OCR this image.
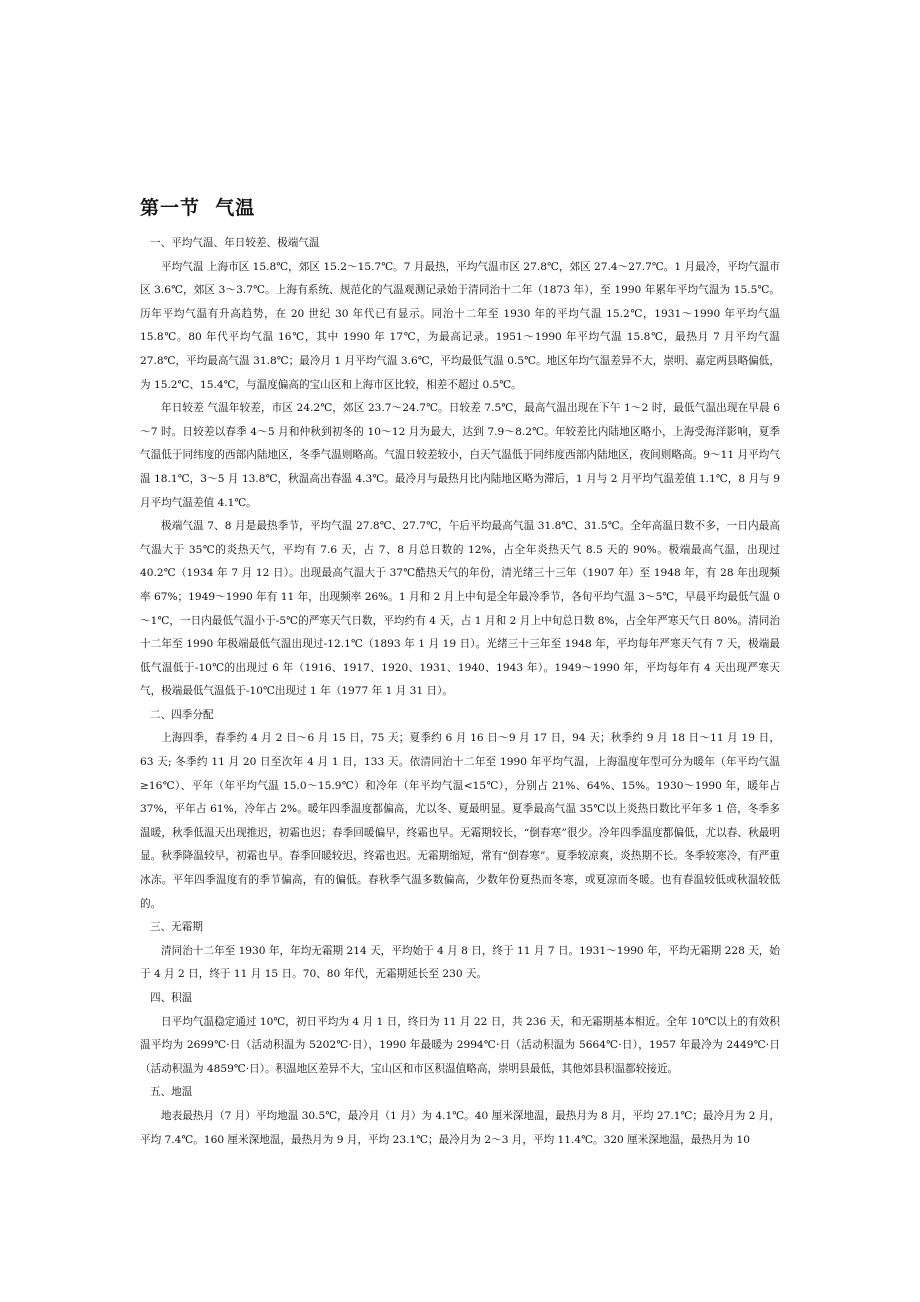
第一节  气温

一、平均气温、年日较差、极端气温

平均气温 上海市区 15.8℃，郊区 15.2～15.7℃。7 月最热，平均气温市区 27.8℃，郊区 27.4～27.7℃。1 月最冷，平均气温市区 3.6℃，郊区 3～3.7℃。上海有系统、规范化的气温观测记录始于清同治十二年（1873 年），至 1990 年累年平均气温为 15.5℃。历年平均气温有升高趋势，在 20 世纪 30 年代已有显示。同治十二年至 1930 年的平均气温 15.2℃，1931～1990 年平均气温 15.8℃。80 年代平均气温 16℃，其中 1990 年 17℃，为最高记录。1951～1990 年平均气温 15.8℃，最热月 7 月平均气温 27.8℃，平均最高气温 31.8℃；最冷月 1 月平均气温 3.6℃，平均最低气温 0.5℃。地区年均气温差异不大，崇明、嘉定两县略偏低，为 15.2℃、15.4℃，与温度偏高的宝山区和上海市区比较，相差不超过 0.5℃。

年日较差 气温年较差，市区 24.2℃，郊区 23.7～24.7℃。日较差 7.5℃，最高气温出现在下午 1～2 时，最低气温出现在早晨 6～7 时。日较差以春季 4～5 月和仲秋到初冬的 10～12 月为最大，达到 7.9～8.2℃。年较差比内陆地区略小，上海受海洋影响，夏季气温低于同纬度的西部内陆地区，冬季气温则略高。气温日较差较小，白天气温低于同纬度西部内陆地区，夜间则略高。9～11 月平均气温 18.1℃，3～5 月 13.8℃，秋温高出春温 4.3℃。最冷月与最热月比内陆地区略为滞后，1 月与 2 月平均气温差值 1.1℃，8 月与 9 月平均气温差值 4.1℃。

极端气温 7、8 月是最热季节，平均气温 27.8℃、27.7℃，午后平均最高气温 31.8℃、31.5℃。全年高温日数不多，一日内最高气温大于 35℃的炎热天气，平均有 7.6 天，占 7、8 月总日数的 12%，占全年炎热天气 8.5 天的 90%。极端最高气温，出现过 40.2℃（1934 年 7 月 12 日）。出现最高气温大于 37℃酷热天气的年份，清光绪三十三年（1907 年）至 1948 年，有 28 年出现频率 67%；1949～1990 年有 11 年，出现频率 26%。1 月和 2 月上中旬是全年最冷季节，各旬平均气温 3～5℃，早晨平均最低气温 0～1℃，一日内最低气温小于-5℃的严寒天气日数，平均约有 4 天，占 1 月和 2 月上中旬总日数 8%，占全年严寒天气日 80%。清同治十二年至 1990 年极端最低气温出现过-12.1℃（1893 年 1 月 19 日）。光绪三十三年至 1948 年，平均每年严寒天气有 7 天，极端最低气温低于-10℃的出现过 6 年（1916、1917、1920、1931、1940、1943 年）。1949～1990 年，平均每年有 4 天出现严寒天气，极端最低气温低于-10℃出现过 1 年（1977 年 1 月 31 日）。

二、四季分配

上海四季，春季约 4 月 2 日～6 月 15 日，75 天；夏季约 6 月 16 日～9 月 17 日，94 天；秋季约 9 月 18 日～11 月 19 日，63 天; 冬季约 11 月 20 日至次年 4 月 1 日，133 天。依清同治十二年至 1990 年平均气温，上海温度年型可分为暖年（年平均气温≥16℃）、平年（年平均气温 15.0～15.9℃）和冷年（年平均气温<15℃），分别占 21%、64%、15%。1930～1990 年，暖年占 37%，平年占 61%，冷年占 2%。暖年四季温度都偏高，尤以冬、夏最明显。夏季最高气温 35℃以上炎热日数比平年多 1 倍，冬季多温暖，秋季低温天出现推迟，初霜也迟；春季回暖偏早，终霜也早。无霜期较长，“倒春寒”很少。冷年四季温度都偏低，尤以春、秋最明显。秋季降温较早，初霜也早。春季回暖较迟，终霜也迟。无霜期缩短，常有“倒春寒”。夏季较凉爽，炎热期不长。冬季较寒冷，有严重冰冻。平年四季温度有的季节偏高，有的偏低。春秋季气温多数偏高，少数年份夏热而冬寒，或夏凉而冬暖。也有春温较低或秋温较低的。

三、无霜期

清同治十二年至 1930 年，年均无霜期 214 天，平均始于 4 月 8 日，终于 11 月 7 日。1931～1990 年，平均无霜期 228 天，始于 4 月 2 日，终于 11 月 15 日。70、80 年代，无霜期延长至 230 天。

四、积温

日平均气温稳定通过 10℃，初日平均为 4 月 1 日，终日为 11 月 22 日，共 236 天，和无霜期基本相近。全年 10℃以上的有效积温平均为 2699℃·日（活动积温为 5202℃·日），1990 年最暖为 2994℃·日（活动积温为 5664℃·日），1957 年最冷为 2449℃·日（活动积温为 4859℃·日）。积温地区差异不大，宝山区和市区积温值略高，崇明县最低，其他郊县积温都较接近。

五、地温

地表最热月（7 月）平均地温 30.5℃，最冷月（1 月）为 4.1℃。40 厘米深地温，最热月为 8 月，平均 27.1℃；最冷月为 2 月，平均 7.4℃。160 厘米深地温，最热月为 9 月，平均 23.1℃；最冷月为 2～3 月，平均 11.4℃。320 厘米深地温，最热月为 10
